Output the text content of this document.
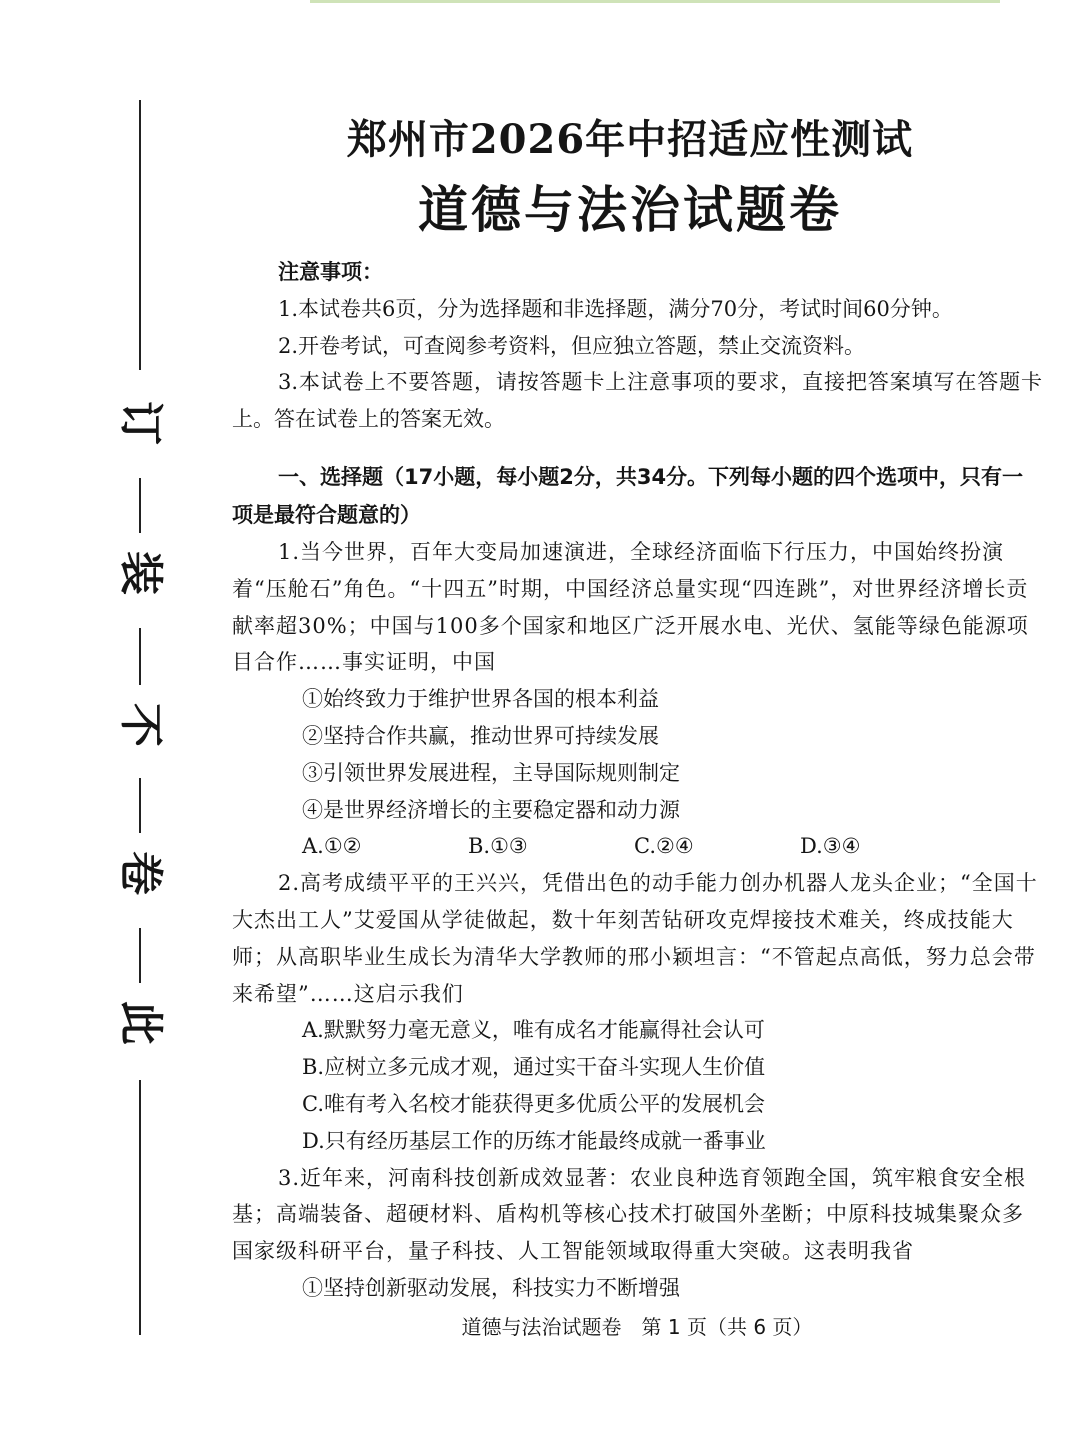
订
装
不
卷
此
郑州市2026年中招适应性测试
道德与法治试题卷
注意事项：
1.本试卷共6页，分为选择题和非选择题，满分70分，考试时间60分钟。
2.开卷考试，可查阅参考资料，但应独立答题，禁止交流资料。
3.本试卷上不要答题，请按答题卡上注意事项的要求，直接把答案填写在答题卡上。答在试卷上的答案无效。
一、选择题（17小题，每小题2分，共34分。下列每小题的四个选项中，只有一项是最符合题意的）
1.当今世界，百年大变局加速演进，全球经济面临下行压力，中国始终扮演着“压舱石”角色。“十四五”时期，中国经济总量实现“四连跳”，对世界经济增长贡献率超30%；中国与100多个国家和地区广泛开展水电、光伏、氢能等绿色能源项目合作……事实证明，中国
①始终致力于维护世界各国的根本利益
②坚持合作共赢，推动世界可持续发展
③引领世界发展进程，主导国际规则制定
④是世界经济增长的主要稳定器和动力源
A.①②	B.①③	C.②④	D.③④
2.高考成绩平平的王兴兴，凭借出色的动手能力创办机器人龙头企业；“全国十大杰出工人”艾爱国从学徒做起，数十年刻苦钻研攻克焊接技术难关，终成技能大师；从高职毕业生成长为清华大学教师的邢小颖坦言：“不管起点高低，努力总会带来希望”……这启示我们
A.默默努力毫无意义，唯有成名才能赢得社会认可
B.应树立多元成才观，通过实干奋斗实现人生价值
C.唯有考入名校才能获得更多优质公平的发展机会
D.只有经历基层工作的历练才能最终成就一番事业
3.近年来，河南科技创新成效显著：农业良种选育领跑全国，筑牢粮食安全根基；高端装备、超硬材料、盾构机等核心技术打破国外垄断；中原科技城集聚众多国家级科研平台，量子科技、人工智能领域取得重大突破。这表明我省
①坚持创新驱动发展，科技实力不断增强
道德与法治试题卷　第 1 页（共 6 页）
